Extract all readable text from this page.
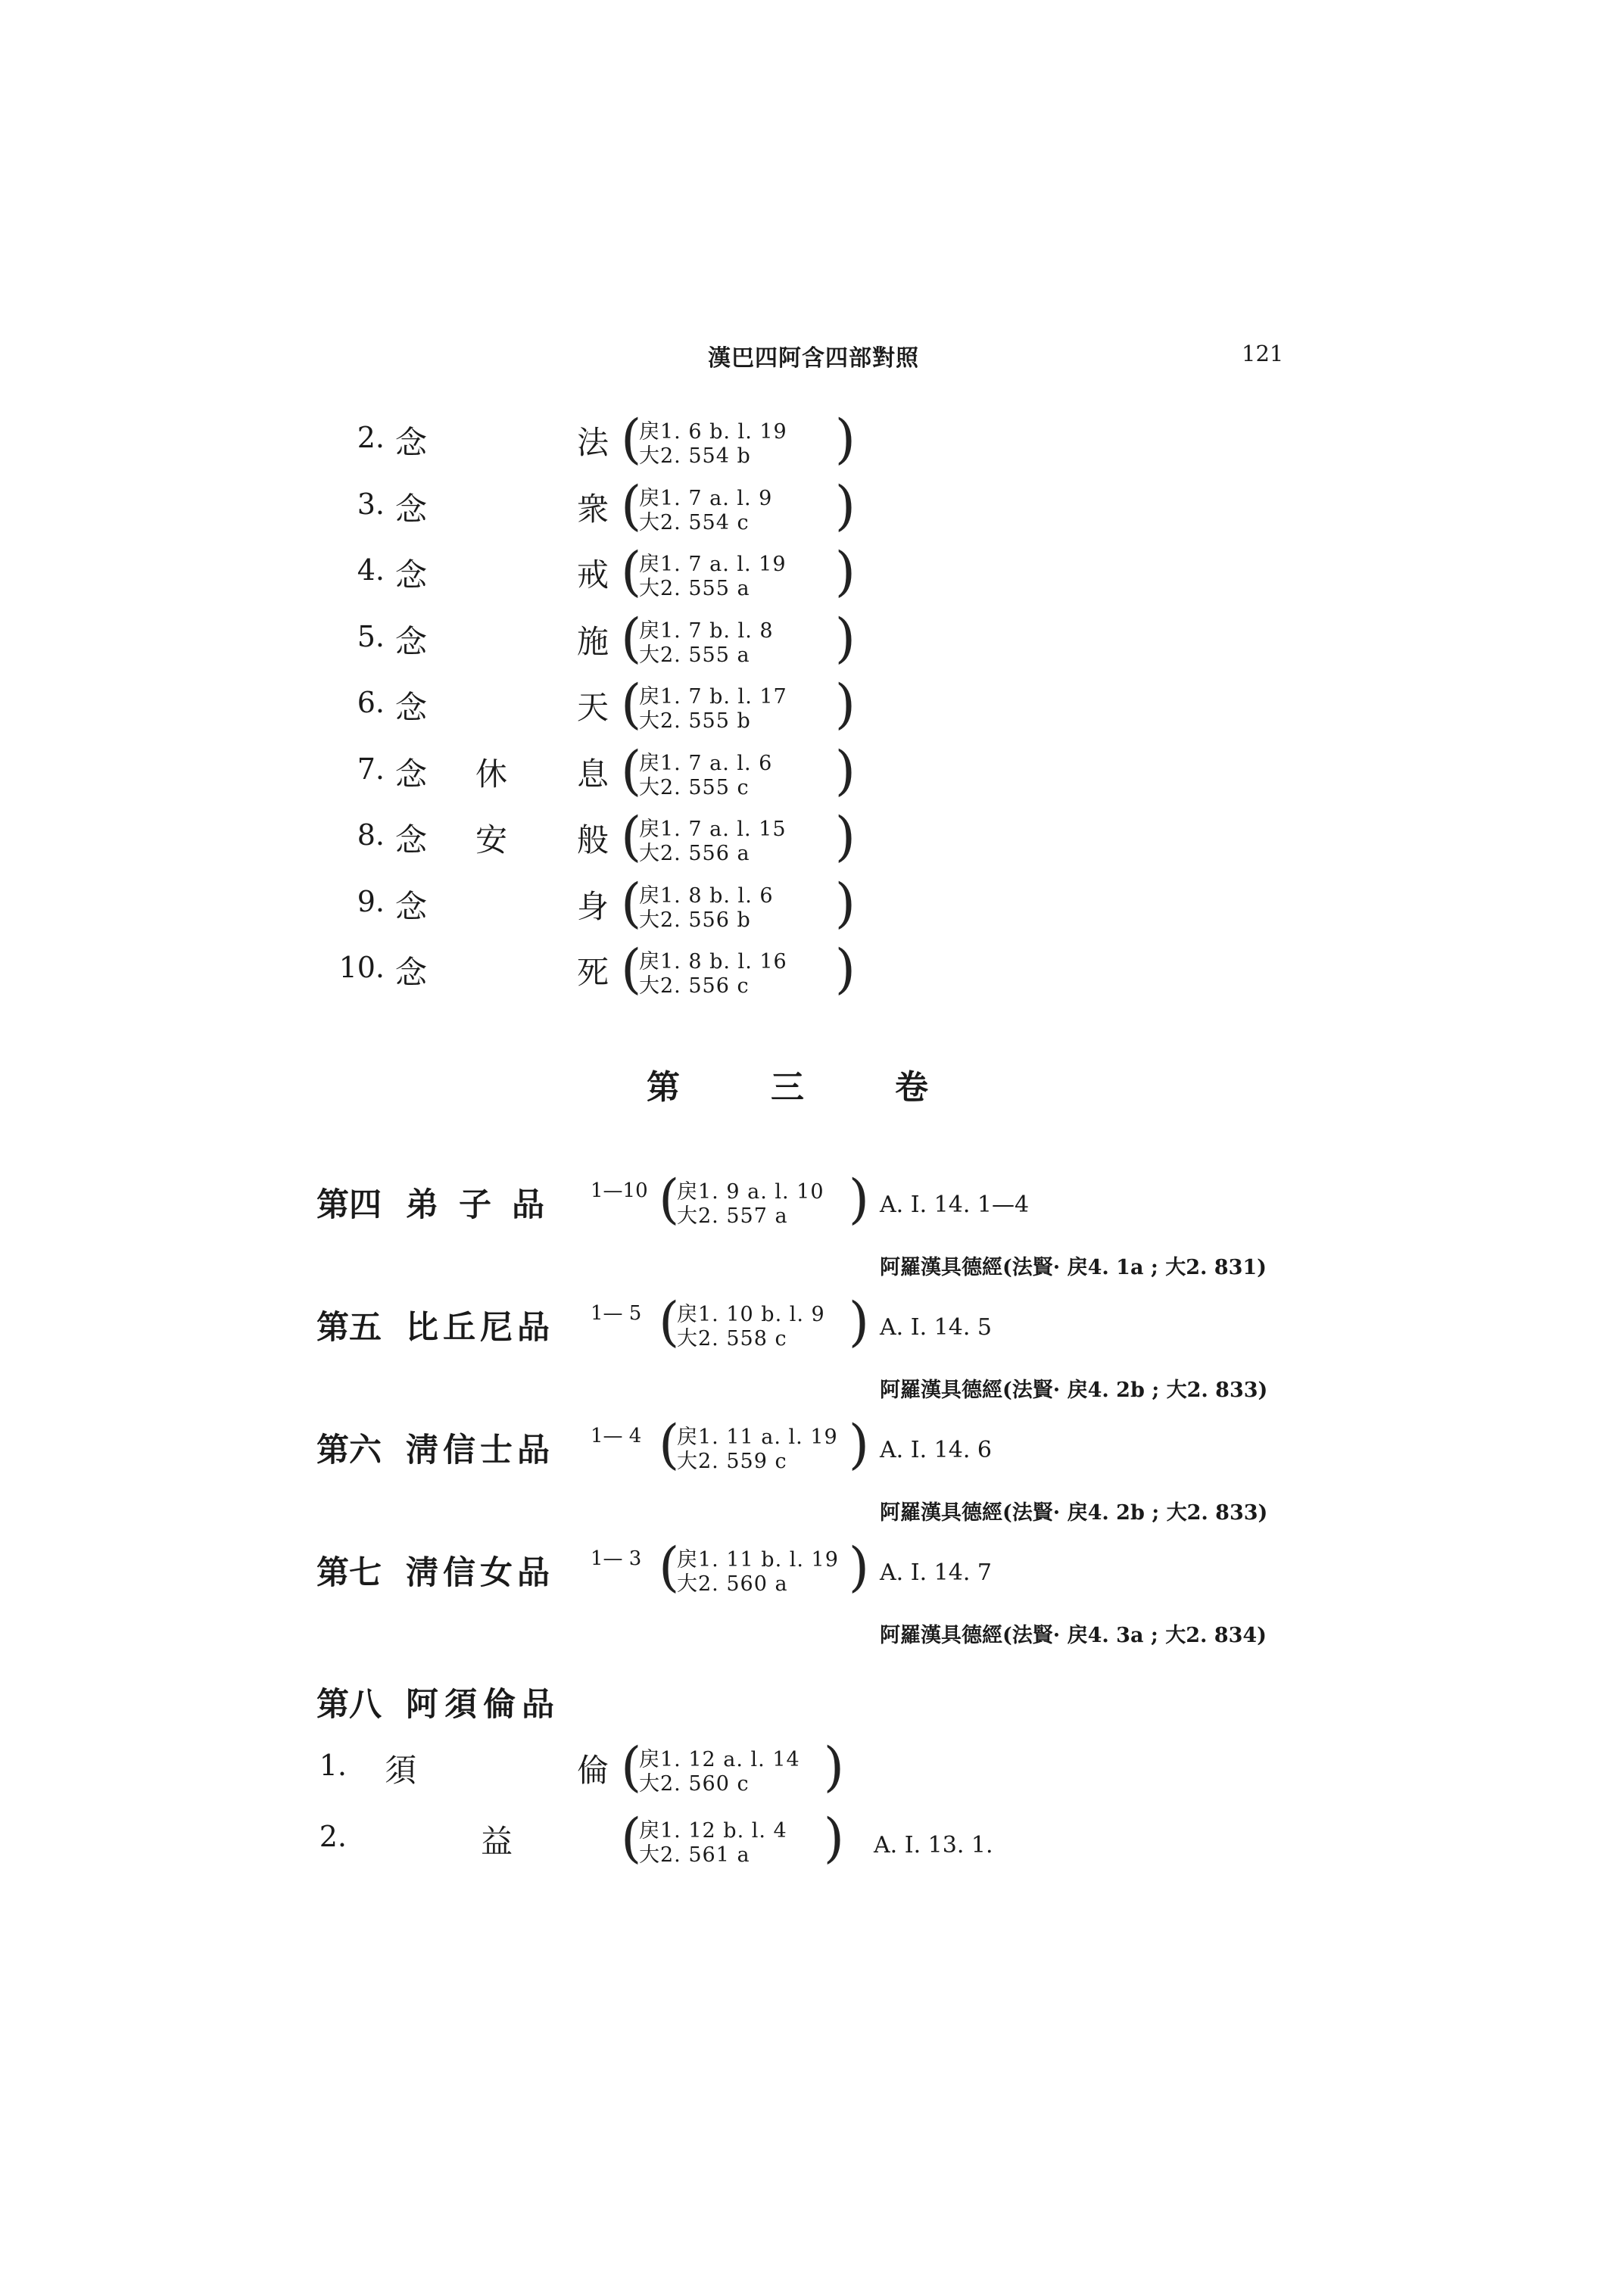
漢巴四阿含四部對照	121
2. 念	法 (
戻1. 6 b. l. 19
大2. 554 b )
3. 念	衆 (
戻1. 7 a. l. 9
大2. 554 c )
4. 念	戒 (
戻1. 7 a. l. 19
大2. 555 a )
5. 念	施 (
戻1. 7 b. l. 8
大2. 555 a )
6. 念	天 (
戻1. 7 b. l. 17
大2. 555 b )
7. 念 休 息 (
戻1. 7 a. l. 6
大2. 555 c )
8. 念 安 般 (
戻1. 7 a. l. 15
大2. 556 a )
9. 念	身 (
戻1. 8 b. l. 6
大2. 556 b )
10. 念	死 (
戻1. 8 b. l. 16
大2. 556 c )
第	三	卷
第四 弟 子 品 1—10 (
戻1. 9 a. l. 10
大2. 557 a ) A. I. 14. 1—4
阿羅漢具德經(法賢· 戻4. 1a ; 大2. 831)
第五 比丘尼品 1— 5 (
戻1. 10 b. l. 9
大2. 558 c ) A. I. 14. 5
阿羅漢具德經(法賢· 戻4. 2b ; 大2. 833)
第六 淸信士品 1— 4 (
戻1. 11 a. l. 19
大2. 559 c ) A. I. 14. 6
阿羅漢具德經(法賢· 戻4. 2b ; 大2. 833)
第七 淸信女品 1— 3 (
戻1. 11 b. l. 19
大2. 56‌0 a ) A. I. 14. 7
阿羅漢具德經(法賢· 戻4. 3a ; 大2. 834)
第八 阿須倫品
1. 須	倫 (
戻1. 12 a. l. 14
大2. 560 c )
2.	益 (
戻1. 12 b. l. 4
大2. 561 a ) A. I. 13. 1.
